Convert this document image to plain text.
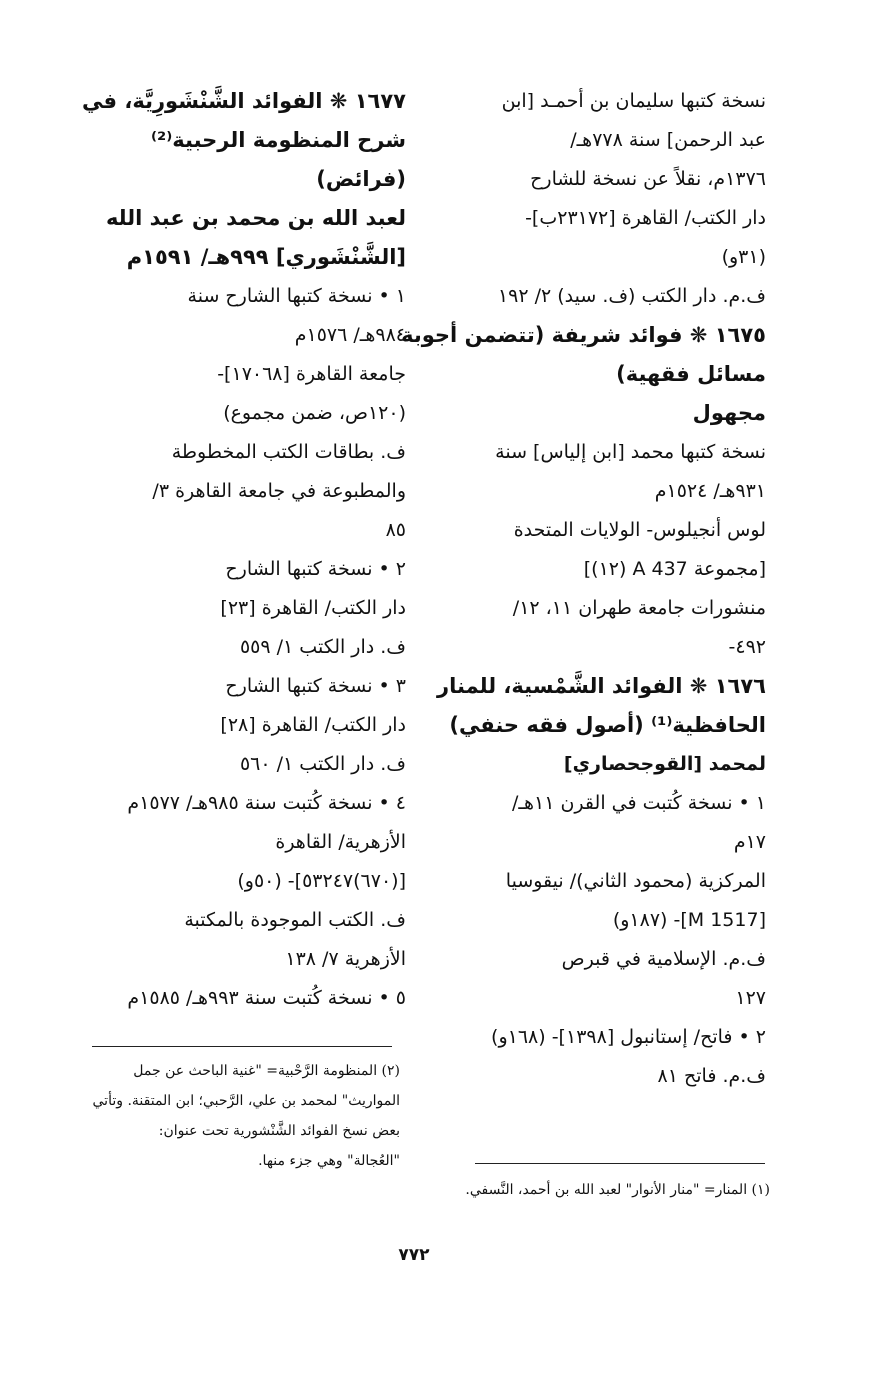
نسخة كتبها سليمان بن أحمـد [ابن
عبد الرحمن] سنة ٧٧٨هـ/
١٣٧٦م، نقلاً عن نسخة للشارح
دار الكتب/ القاهرة [٢٣١٧٢ب]-
(٣١و)
ف.م. دار الكتب (ف. سيد) ٢/ ١٩٢
١٦٧٥ ❋ فوائد شريفة (تتضمن أجوبة
مسائل فقهية)
مجهول
نسخة كتبها محمد [ابن إلياس] سنة
٩٣١هـ/ ١٥٢٤م
لوس أنجيلوس- الولايات المتحدة
[مجموعة A 437 (١٢)]
منشورات جامعة طهران ١١، ١٢/
٤٩٢-
١٦٧٦ ❋ الفوائد الشَّمْسية، للمنار
الحافظية⁽¹⁾ (أصول فقه حنفي)
لمحمد [القوجحصاري]
١ • نسخة كُتبت في القرن ١١هـ/
١٧م
المركزية (محمود الثاني)/ نيقوسيا
[M 1517]- (١٨٧و)
ف.م. الإسلامية في قبرص
١٢٧
٢ • فاتح/ إستانبول [١٣٩٨]- (١٦٨و)
ف.م. فاتح ٨١
١٦٧٧ ❋ الفوائد الشَّنْشَورِيَّة، في
شرح المنظومة الرحبية⁽²⁾
(فرائض)
لعبد الله بن محمد بن عبد الله
[الشَّنْشَوري] ٩٩٩هـ/ ١٥٩١م
١ • نسخة كتبها الشارح سنة
٩٨٤هـ/ ١٥٧٦م
جامعة القاهرة [١٧٠٦٨]-
(١٢٠ص، ضمن مجموع)
ف. بطاقات الكتب المخطوطة
والمطبوعة في جامعة القاهرة ٣/
٨٥
٢ • نسخة كتبها الشارح
دار الكتب/ القاهرة [٢٣]
ف. دار الكتب ١/ ٥٥٩
٣ • نسخة كتبها الشارح
دار الكتب/ القاهرة [٢٨]
ف. دار الكتب ١/ ٥٦٠
٤ • نسخة كُتبت سنة ٩٨٥هـ/ ١٥٧٧م
الأزهرية/ القاهرة
[(٦٧٠)٥٣٢٤٧]- (٥٠و)
ف. الكتب الموجودة بالمكتبة
الأزهرية ٧/ ١٣٨
٥ • نسخة كُتبت سنة ٩٩٣هـ/ ١٥٨٥م
(١) المنار= "منار الأنوار" لعبد الله بن أحمد، النَّسفي.
(٢) المنظومة الرَّحْبية= "غنية الباحث عن جمل
المواريث" لمحمد بن علي، الرَّحبي؛ ابن المتقنة. وتأتي
بعض نسخ الفوائد الشَّنْشورية تحت عنوان:
"العُجالة" وهي جزء منها.
٧٧٢
